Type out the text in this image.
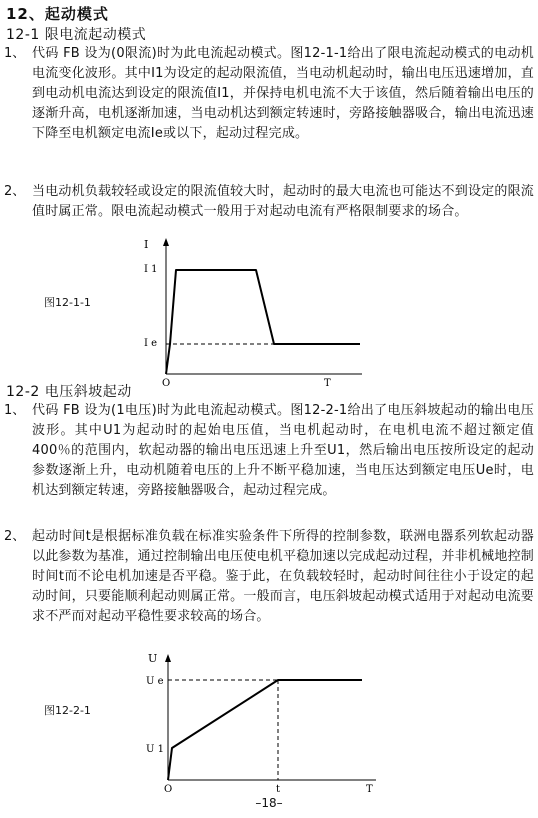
12、起动模式
12-1 限电流起动模式
1、 代码 FB 设为(0限流)时为此电流起动模式。图12-1-1给出了限电流起动模式的电动机电流变化波形。其中I1为设定的起动限流值，当电动机起动时，输出电压迅速增加，直到电动机电流达到设定的限流值I1，并保持电机电流不大于该值，然后随着输出电压的逐渐升高，电机逐渐加速，当电动机达到额定转速时，旁路接触器吸合，输出电流迅速下降至电机额定电流Ie或以下，起动过程完成。
2、 当电动机负载较轻或设定的限流值较大时，起动时的最大电流也可能达不到设定的限流值时属正常。限电流起动模式一般用于对起动电流有严格限制要求的场合。
图12-1-1
I
I 1
I e
O	T
12-2 电压斜坡起动
1、 代码 FB 设为(1电压)时为此电流起动模式。图12-2-1给出了电压斜坡起动的输出电压波形。其中U1为起动时的起始电压值，当电机起动时，在电机电流不超过额定值400％的范围内，软起动器的输出电压迅速上升至U1，然后输出电压按所设定的起动参数逐渐上升，电动机随着电压的上升不断平稳加速，当电压达到额定电压Ue时，电机达到额定转速，旁路接触器吸合，起动过程完成。
2、 起动时间t是根据标准负载在标准实验条件下所得的控制参数，联洲电器系列软起动器以此参数为基准，通过控制输出电压使电机平稳加速以完成起动过程，并非机械地控制时间t而不论电机加速是否平稳。鉴于此，在负载较轻时，起动时间往往小于设定的起动时间，只要能顺利起动则属正常。一般而言，电压斜坡起动模式适用于对起动电流要求不严而对起动平稳性要求较高的场合。
图12-2-1
U
U e
U 1
O	t	T
–18–
